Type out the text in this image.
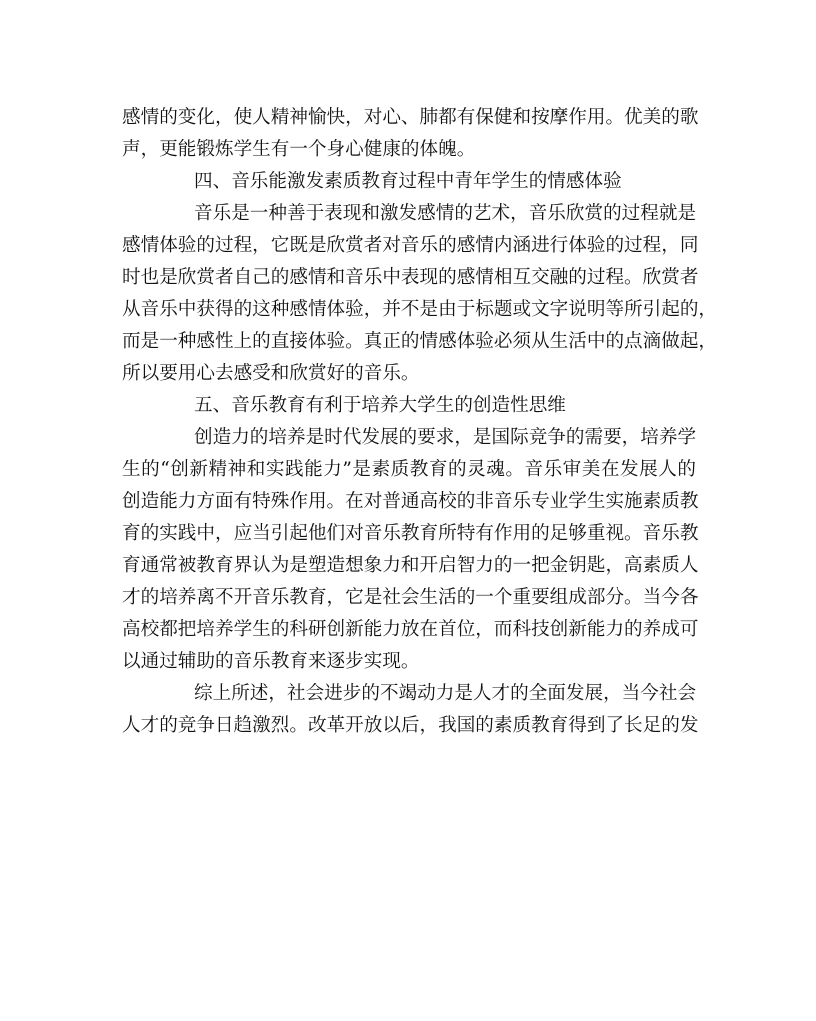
感情的变化，使人精神愉快，对心、肺都有保健和按摩作用。优美的歌
声，更能锻炼学生有一个身心健康的体魄。
四、音乐能激发素质教育过程中青年学生的情感体验
音乐是一种善于表现和激发感情的艺术，音乐欣赏的过程就是
感情体验的过程，它既是欣赏者对音乐的感情内涵进行体验的过程，同
时也是欣赏者自己的感情和音乐中表现的感情相互交融的过程。欣赏者
从音乐中获得的这种感情体验，并不是由于标题或文字说明等所引起的，
而是一种感性上的直接体验。真正的情感体验必须从生活中的点滴做起，
所以要用心去感受和欣赏好的音乐。
五、音乐教育有利于培养大学生的创造性思维
创造力的培养是时代发展的要求，是国际竞争的需要，培养学
生的“创新精神和实践能力”是素质教育的灵魂。音乐审美在发展人的
创造能力方面有特殊作用。在对普通高校的非音乐专业学生实施素质教
育的实践中，应当引起他们对音乐教育所特有作用的足够重视。音乐教
育通常被教育界认为是塑造想象力和开启智力的一把金钥匙，高素质人
才的培养离不开音乐教育，它是社会生活的一个重要组成部分。当今各
高校都把培养学生的科研创新能力放在首位，而科技创新能力的养成可
以通过辅助的音乐教育来逐步实现。
综上所述，社会进步的不竭动力是人才的全面发展，当今社会
人才的竞争日趋激烈。改革开放以后，我国的素质教育得到了长足的发
